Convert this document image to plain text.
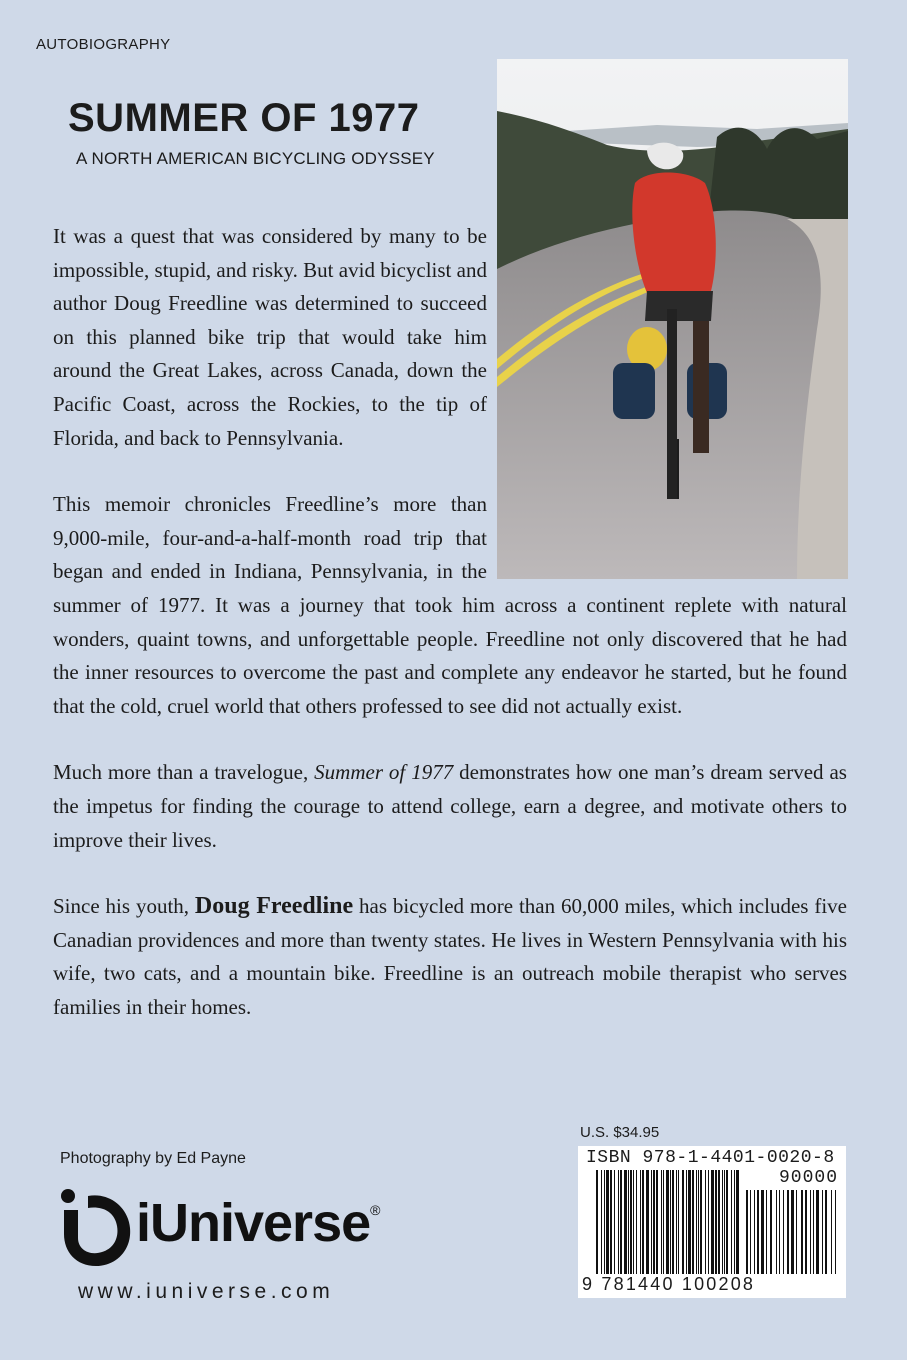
AUTOBIOGRAPHY
SUMMER OF 1977
A NORTH AMERICAN BICYCLING ODYSSEY

It was a quest that was considered by many to be impossible, stupid, and risky. But avid bicyclist and author Doug Freedline was determined to succeed on this planned bike trip that would take him around the Great Lakes, across Canada, down the Pacific Coast, across the Rockies, to the tip of Florida, and back to Pennsylvania.

This memoir chronicles Freedline’s more than 9,000-mile, four-and-a-half-month road trip that began and ended in Indiana, Pennsylvania, in the summer of 1977. It was a journey that took him across a continent replete with natural wonders, quaint towns, and unforgettable people. Freedline not only discovered that he had the inner resources to overcome the past and complete any endeavor he started, but he found that the cold, cruel world that others professed to see did not actually exist.

Much more than a travelogue, Summer of 1977 demonstrates how one man’s dream served as the impetus for finding the courage to attend college, earn a degree, and motivate others to improve their lives.

Since his youth, Doug Freedline has bicycled more than 60,000 miles, which includes five Canadian providences and more than twenty states. He lives in Western Pennsylvania with his wife, two cats, and a mountain bike. Freedline is an outreach mobile therapist who serves families in their homes.

Photography by Ed Payne
iUniverse®
www.iuniverse.com
U.S. $34.95
ISBN 978-1-4401-0020-8
90000
9 781440 100208
